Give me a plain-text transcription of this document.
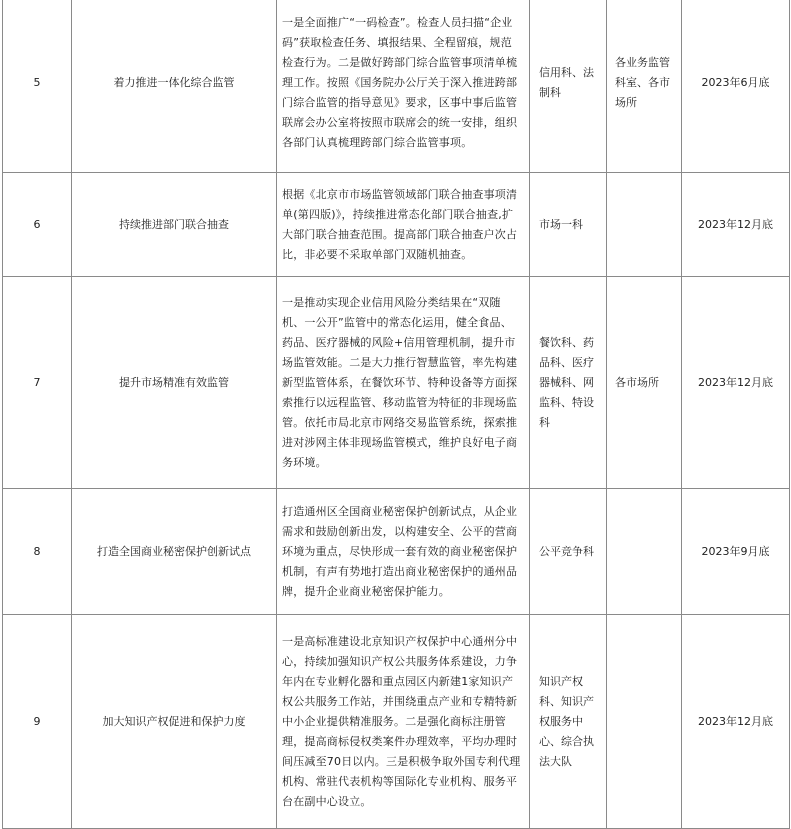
5	着力推进一体化综合监管	一是全面推广“一码检查”。检查人员扫描“企业码”获取检查任务、填报结果、全程留痕，规范检查行为。二是做好跨部门综合监管事项清单梳理工作。按照《国务院办公厅关于深入推进跨部门综合监管的指导意见》要求，区事中事后监管联席会办公室将按照市联席会的统一安排，组织各部门认真梳理跨部门综合监管事项。	信用科、法制科	各业务监管科室、各市场所	2023年6月底
6	持续推进部门联合抽查	根据《北京市市场监管领域部门联合抽查事项清单(第四版)》，持续推进常态化部门联合抽查,扩大部门联合抽查范围。提高部门联合抽查户次占比，非必要不采取单部门双随机抽查。	市场一科		2023年12月底
7	提升市场精准有效监管	一是推动实现企业信用风险分类结果在“双随机、一公开”监管中的常态化运用，健全食品、药品、医疗器械的风险+信用管理机制，提升市场监管效能。二是大力推行智慧监管，率先构建新型监管体系，在餐饮环节、特种设备等方面探索推行以远程监管、移动监管为特征的非现场监管。依托市局北京市网络交易监管系统，探索推进对涉网主体非现场监管模式，维护良好电子商务环境。	餐饮科、药品科、医疗器械科、网监科、特设科	各市场所	2023年12月底
8	打造全国商业秘密保护创新试点	打造通州区全国商业秘密保护创新试点，从企业需求和鼓励创新出发，以构建安全、公平的营商环境为重点，尽快形成一套有效的商业秘密保护机制，有声有势地打造出商业秘密保护的通州品牌，提升企业商业秘密保护能力。	公平竞争科		2023年9月底
9	加大知识产权促进和保护力度	一是高标准建设北京知识产权保护中心通州分中心，持续加强知识产权公共服务体系建设，力争年内在专业孵化器和重点园区内新建1家知识产权公共服务工作站，并围绕重点产业和专精特新中小企业提供精准服务。二是强化商标注册管理，提高商标侵权类案件办理效率，平均办理时间压减至70日以内。三是积极争取外国专利代理机构、常驻代表机构等国际化专业机构、服务平台在副中心设立。	知识产权科、知识产权服务中心、综合执法大队		2023年12月底
